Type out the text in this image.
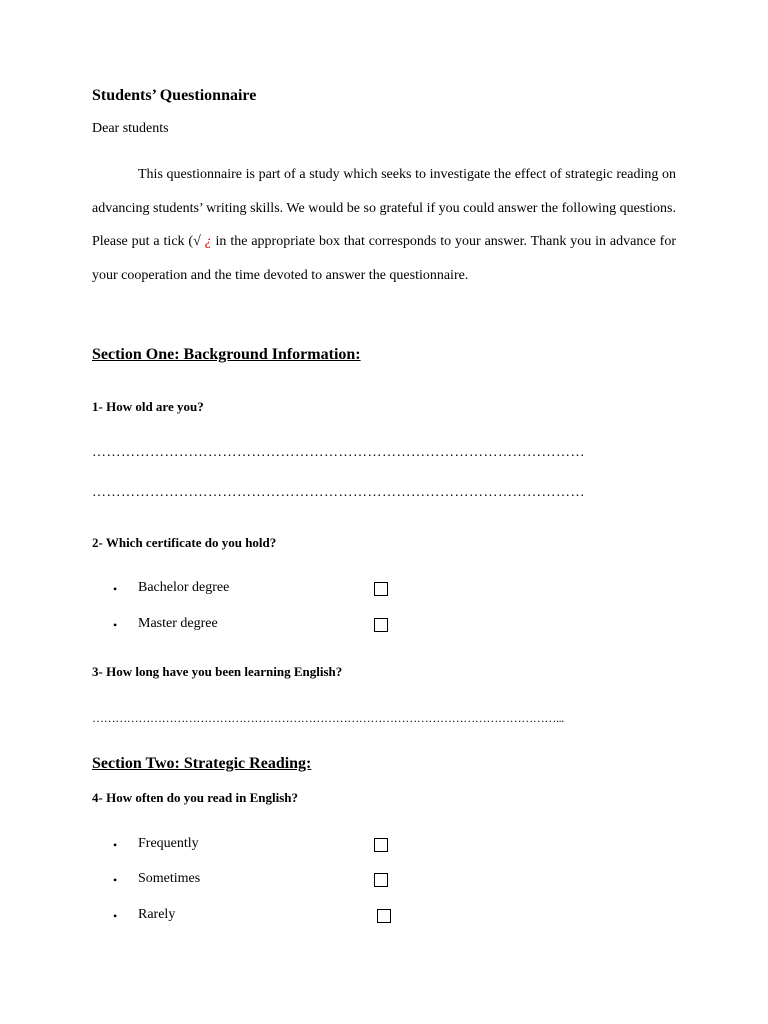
Students’ Questionnaire
Dear students

This questionnaire is part of a study which seeks to investigate the effect of strategic reading on advancing students’ writing skills. We would be so grateful if you could answer the following questions. Please put a tick (√ ¿ in the appropriate box that corresponds to your answer. Thank you in advance for your cooperation and the time devoted to answer the questionnaire.

Section One: Background Information:
1- How old are you?
…………………………………………………………………………………………
…………………………………………………………………………………………
2- Which certificate do you hold?
• Bachelor degree
• Master degree
3- How long have you been learning English?
…………………………………………………………………………………………………………...
Section Two: Strategic Reading:
4- How often do you read in English?
• Frequently
• Sometimes
• Rarely
